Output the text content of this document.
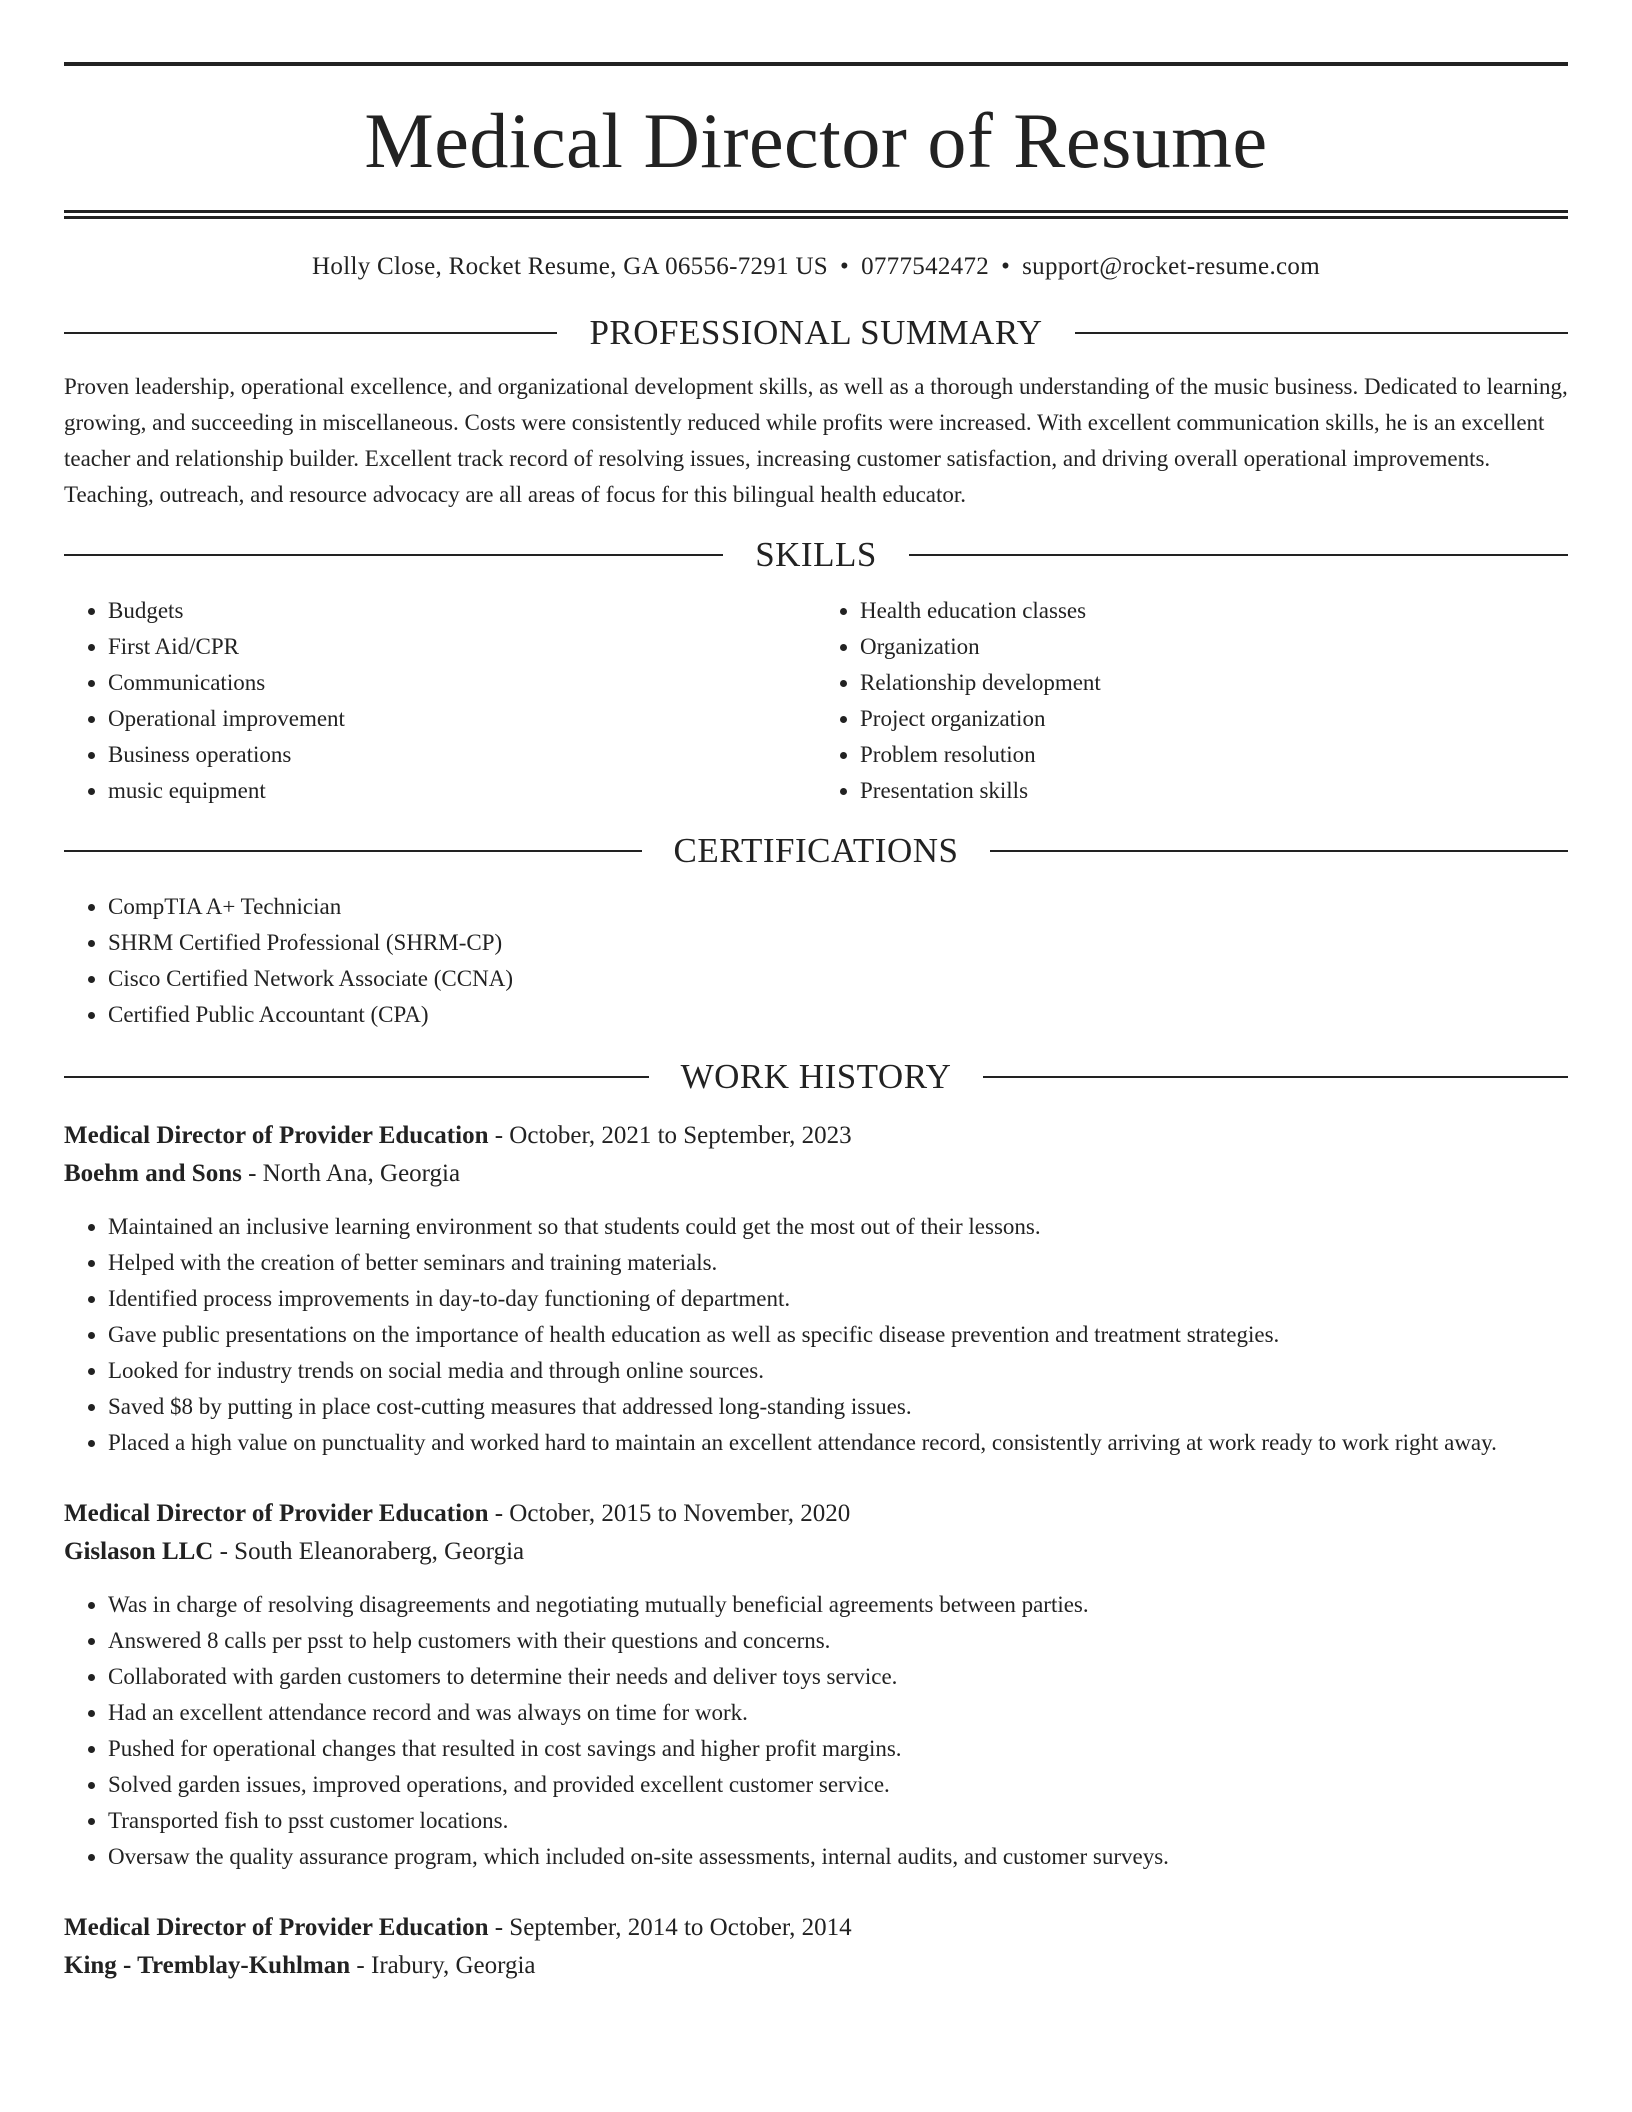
Medical Director of Resume
Holly Close, Rocket Resume, GA 06556-7291 US • 0777542472 • support@rocket-resume.com
PROFESSIONAL SUMMARY
Proven leadership, operational excellence, and organizational development skills, as well as a thorough understanding of the music business. Dedicated to learning, growing, and succeeding in miscellaneous. Costs were consistently reduced while profits were increased. With excellent communication skills, he is an excellent teacher and relationship builder. Excellent track record of resolving issues, increasing customer satisfaction, and driving overall operational improvements. Teaching, outreach, and resource advocacy are all areas of focus for this bilingual health educator.
SKILLS
• Budgets
• First Aid/CPR
• Communications
• Operational improvement
• Business operations
• music equipment
• Health education classes
• Organization
• Relationship development
• Project organization
• Problem resolution
• Presentation skills
CERTIFICATIONS
• CompTIA A+ Technician
• SHRM Certified Professional (SHRM-CP)
• Cisco Certified Network Associate (CCNA)
• Certified Public Accountant (CPA)
WORK HISTORY
Medical Director of Provider Education - October, 2021 to September, 2023
Boehm and Sons - North Ana, Georgia
• Maintained an inclusive learning environment so that students could get the most out of their lessons.
• Helped with the creation of better seminars and training materials.
• Identified process improvements in day-to-day functioning of department.
• Gave public presentations on the importance of health education as well as specific disease prevention and treatment strategies.
• Looked for industry trends on social media and through online sources.
• Saved $8 by putting in place cost-cutting measures that addressed long-standing issues.
• Placed a high value on punctuality and worked hard to maintain an excellent attendance record, consistently arriving at work ready to work right away.
Medical Director of Provider Education - October, 2015 to November, 2020
Gislason LLC - South Eleanoraberg, Georgia
• Was in charge of resolving disagreements and negotiating mutually beneficial agreements between parties.
• Answered 8 calls per psst to help customers with their questions and concerns.
• Collaborated with garden customers to determine their needs and deliver toys service.
• Had an excellent attendance record and was always on time for work.
• Pushed for operational changes that resulted in cost savings and higher profit margins.
• Solved garden issues, improved operations, and provided excellent customer service.
• Transported fish to psst customer locations.
• Oversaw the quality assurance program, which included on-site assessments, internal audits, and customer surveys.
Medical Director of Provider Education - September, 2014 to October, 2014
King - Tremblay-Kuhlman - Irabury, Georgia
